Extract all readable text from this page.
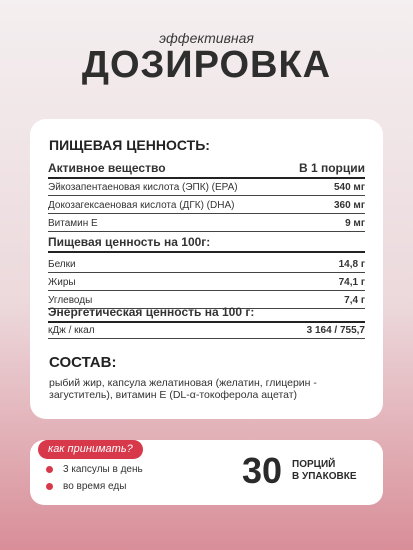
эффективная
ДОЗИРОВКА
ПИЩЕВАЯ ЦЕННОСТЬ:
Активное вещество	В 1 порции
Эйкозапентаеновая кислота (ЭПК) (EPA)	540 мг
Докозагексаеновая кислота (ДГК) (DHA)	360 мг
Витамин Е	9 мг
Пищевая ценность на 100г:
Белки	14,8 г
Жиры	74,1 г
Углеводы	7,4 г
Энергетическая ценность на 100 г:
кДж / ккал	3 164 / 755,7
СОСТАВ:
рыбий жир, капсула желатиновая (желатин, глицерин - загуститель), витамин Е (DL-α-токоферола ацетат)
3 капсулы в день
во время еды	30 ПОРЦИЙ
В УПАКОВКЕ
как принимать?
